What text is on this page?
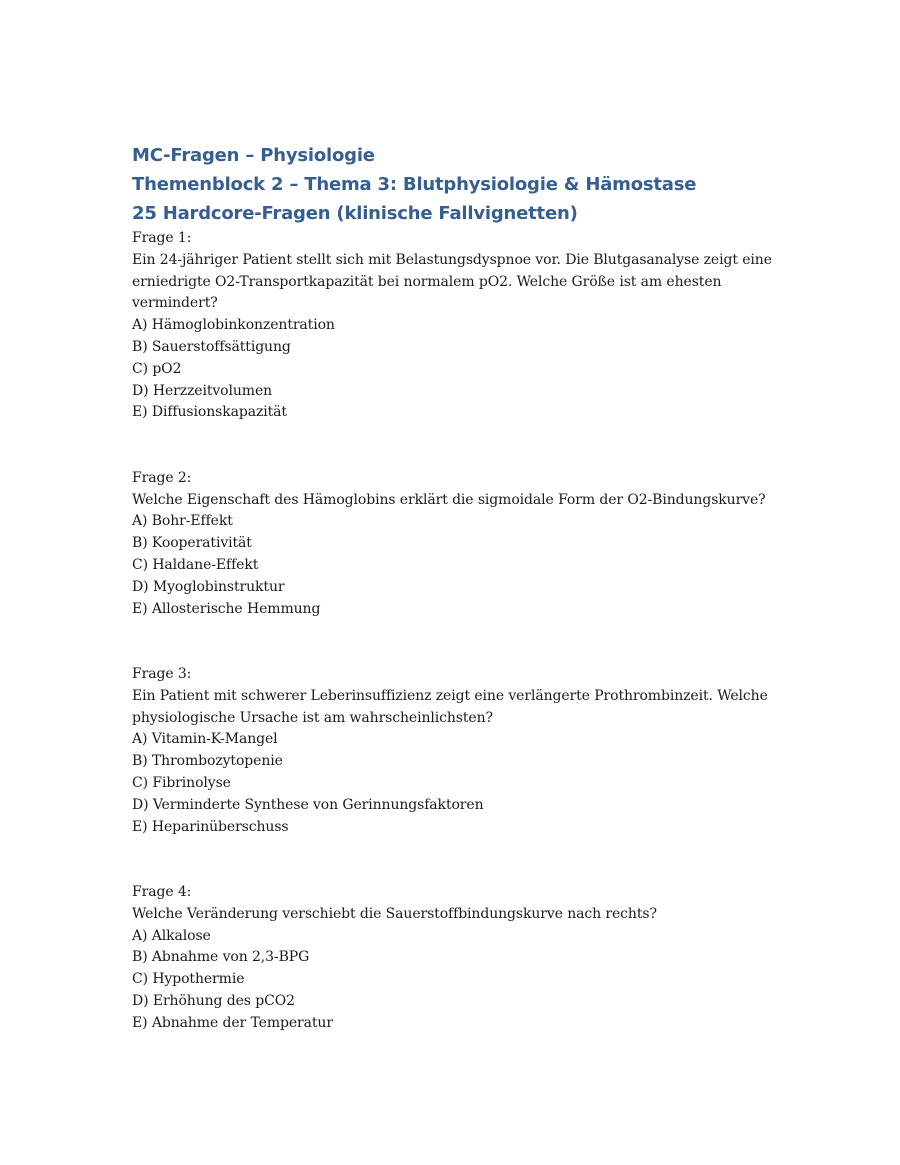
MC-Fragen – Physiologie

Themenblock 2 – Thema 3: Blutphysiologie & Hämostase

25 Hardcore-Fragen (klinische Fallvignetten)

Frage 1:
Ein 24-jähriger Patient stellt sich mit Belastungsdyspnoe vor. Die Blutgasanalyse zeigt eine
erniedrigte O2-Transportkapazität bei normalem pO2. Welche Größe ist am ehesten
vermindert?
A) Hämoglobinkonzentration
B) Sauerstoffsättigung
C) pO2
D) Herzzeitvolumen
E) Diffusionskapazität
Frage 2:
Welche Eigenschaft des Hämoglobins erklärt die sigmoidale Form der O2-Bindungskurve?
A) Bohr-Effekt
B) Kooperativität
C) Haldane-Effekt
D) Myoglobinstruktur
E) Allosterische Hemmung
Frage 3:
Ein Patient mit schwerer Leberinsuffizienz zeigt eine verlängerte Prothrombinzeit. Welche
physiologische Ursache ist am wahrscheinlichsten?
A) Vitamin-K-Mangel
B) Thrombozytopenie
C) Fibrinolyse
D) Verminderte Synthese von Gerinnungsfaktoren
E) Heparinüberschuss
Frage 4:
Welche Veränderung verschiebt die Sauerstoffbindungskurve nach rechts?
A) Alkalose
B) Abnahme von 2,3-BPG
C) Hypothermie
D) Erhöhung des pCO2
E) Abnahme der Temperatur
